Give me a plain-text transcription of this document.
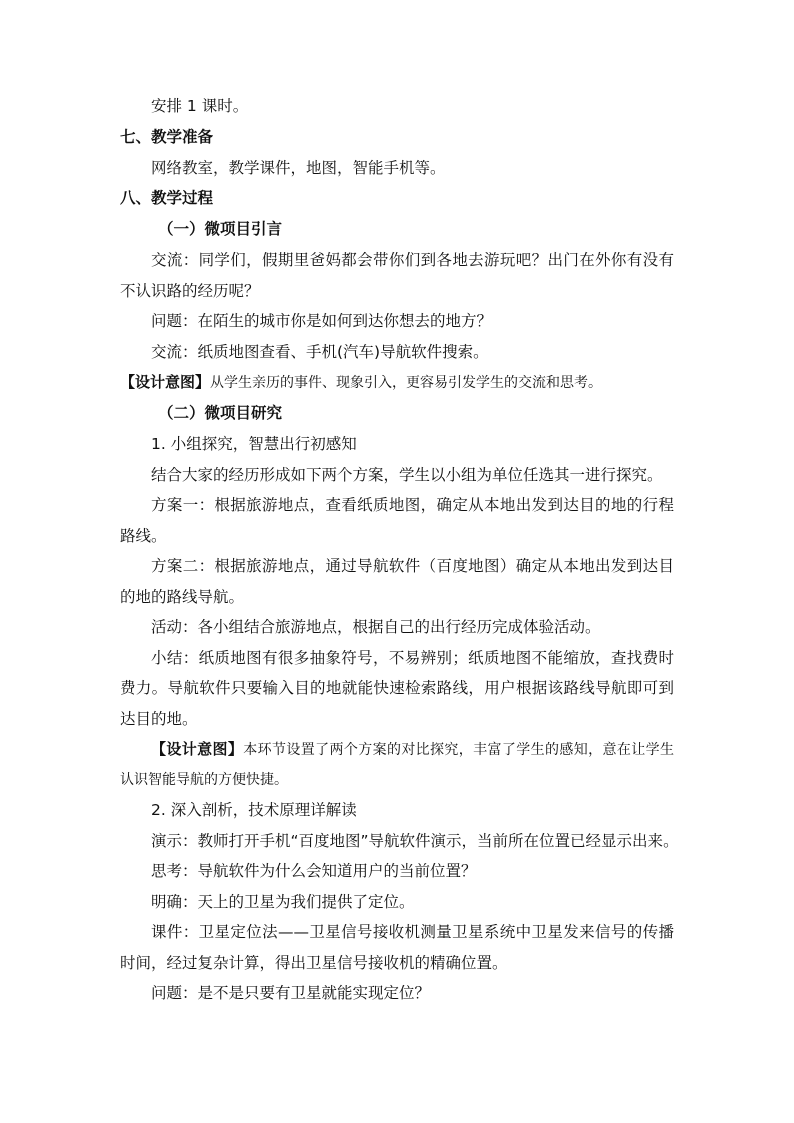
安排 1 课时。
七、教学准备
网络教室，教学课件，地图，智能手机等。
八、教学过程
（一）微项目引言
交流：同学们，假期里爸妈都会带你们到各地去游玩吧？出门在外你有没有不认识路的经历呢？
问题：在陌生的城市你是如何到达你想去的地方？
交流：纸质地图查看、手机(汽车)导航软件搜索。
【设计意图】从学生亲历的事件、现象引入，更容易引发学生的交流和思考。
（二）微项目研究
1. 小组探究，智慧出行初感知
结合大家的经历形成如下两个方案，学生以小组为单位任选其一进行探究。
方案一：根据旅游地点，查看纸质地图，确定从本地出发到达目的地的行程路线。
方案二：根据旅游地点，通过导航软件（百度地图）确定从本地出发到达目的地的路线导航。
活动：各小组结合旅游地点，根据自己的出行经历完成体验活动。
小结：纸质地图有很多抽象符号，不易辨别；纸质地图不能缩放，查找费时费力。导航软件只要输入目的地就能快速检索路线，用户根据该路线导航即可到达目的地。
【设计意图】本环节设置了两个方案的对比探究，丰富了学生的感知，意在让学生认识智能导航的方便快捷。
2. 深入剖析，技术原理详解读
演示：教师打开手机“百度地图”导航软件演示，当前所在位置已经显示出来。
思考：导航软件为什么会知道用户的当前位置？
明确：天上的卫星为我们提供了定位。
课件：卫星定位法——卫星信号接收机测量卫星系统中卫星发来信号的传播时间，经过复杂计算，得出卫星信号接收机的精确位置。
问题：是不是只要有卫星就能实现定位？
